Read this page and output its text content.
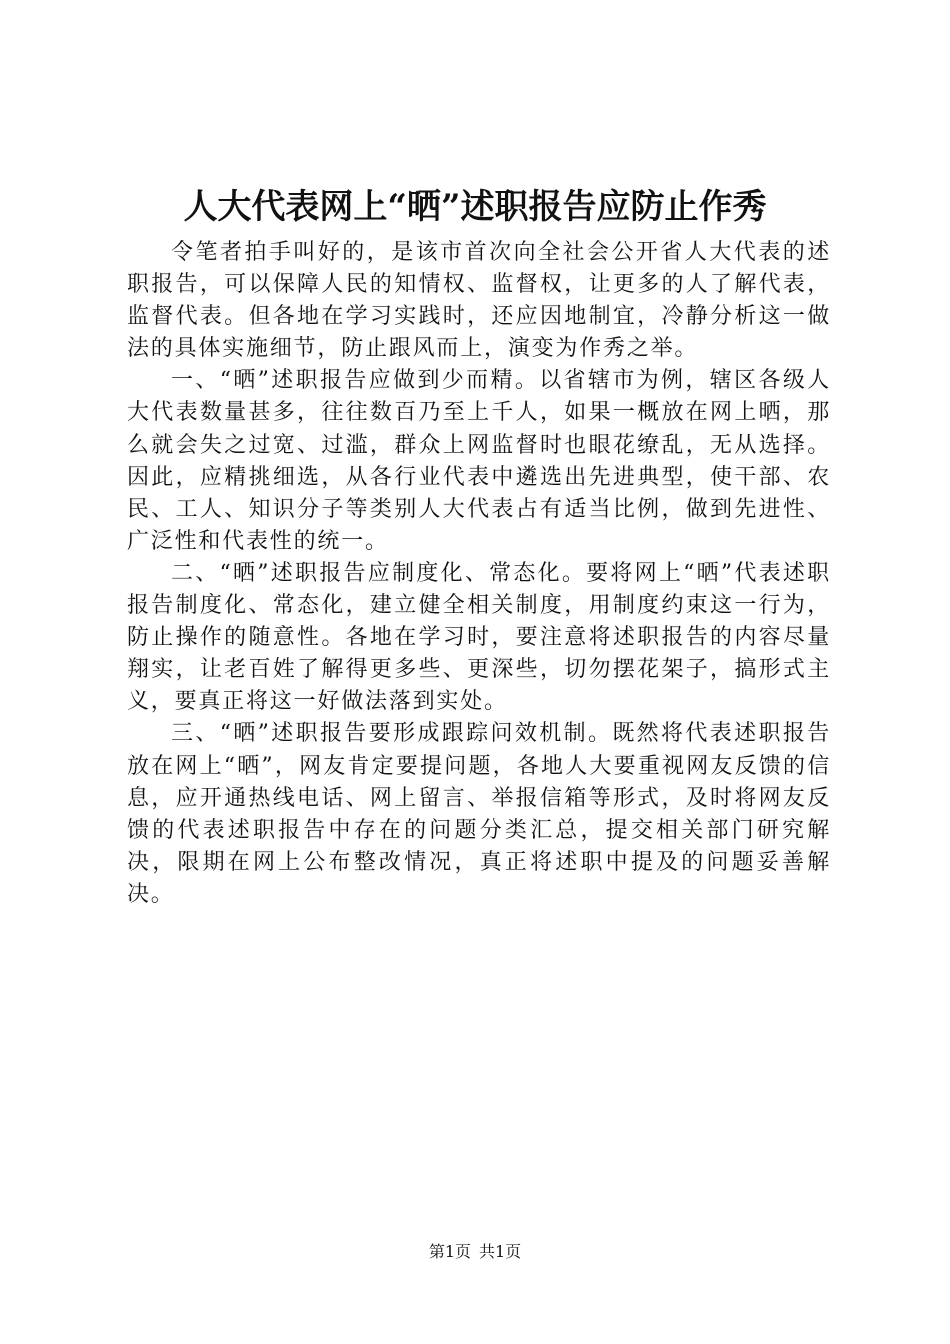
人大代表网上“晒”述职报告应防止作秀

令笔者拍手叫好的，是该市首次向全社会公开省人大代表的述职报告，可以保障人民的知情权、监督权，让更多的人了解代表，监督代表。但各地在学习实践时，还应因地制宜，冷静分析这一做法的具体实施细节，防止跟风而上，演变为作秀之举。

一、“晒”述职报告应做到少而精。以省辖市为例，辖区各级人大代表数量甚多，往往数百乃至上千人，如果一概放在网上晒，那么就会失之过宽、过滥，群众上网监督时也眼花缭乱，无从选择。因此，应精挑细选，从各行业代表中遴选出先进典型，使干部、农民、工人、知识分子等类别人大代表占有适当比例，做到先进性、广泛性和代表性的统一。

二、“晒”述职报告应制度化、常态化。要将网上“晒”代表述职报告制度化、常态化，建立健全相关制度，用制度约束这一行为，防止操作的随意性。各地在学习时，要注意将述职报告的内容尽量翔实，让老百姓了解得更多些、更深些，切勿摆花架子，搞形式主义，要真正将这一好做法落到实处。

三、“晒”述职报告要形成跟踪问效机制。既然将代表述职报告放在网上“晒”，网友肯定要提问题，各地人大要重视网友反馈的信息，应开通热线电话、网上留言、举报信箱等形式，及时将网友反馈的代表述职报告中存在的问题分类汇总，提交相关部门研究解决，限期在网上公布整改情况，真正将述职中提及的问题妥善解决。

第1页 共1页
